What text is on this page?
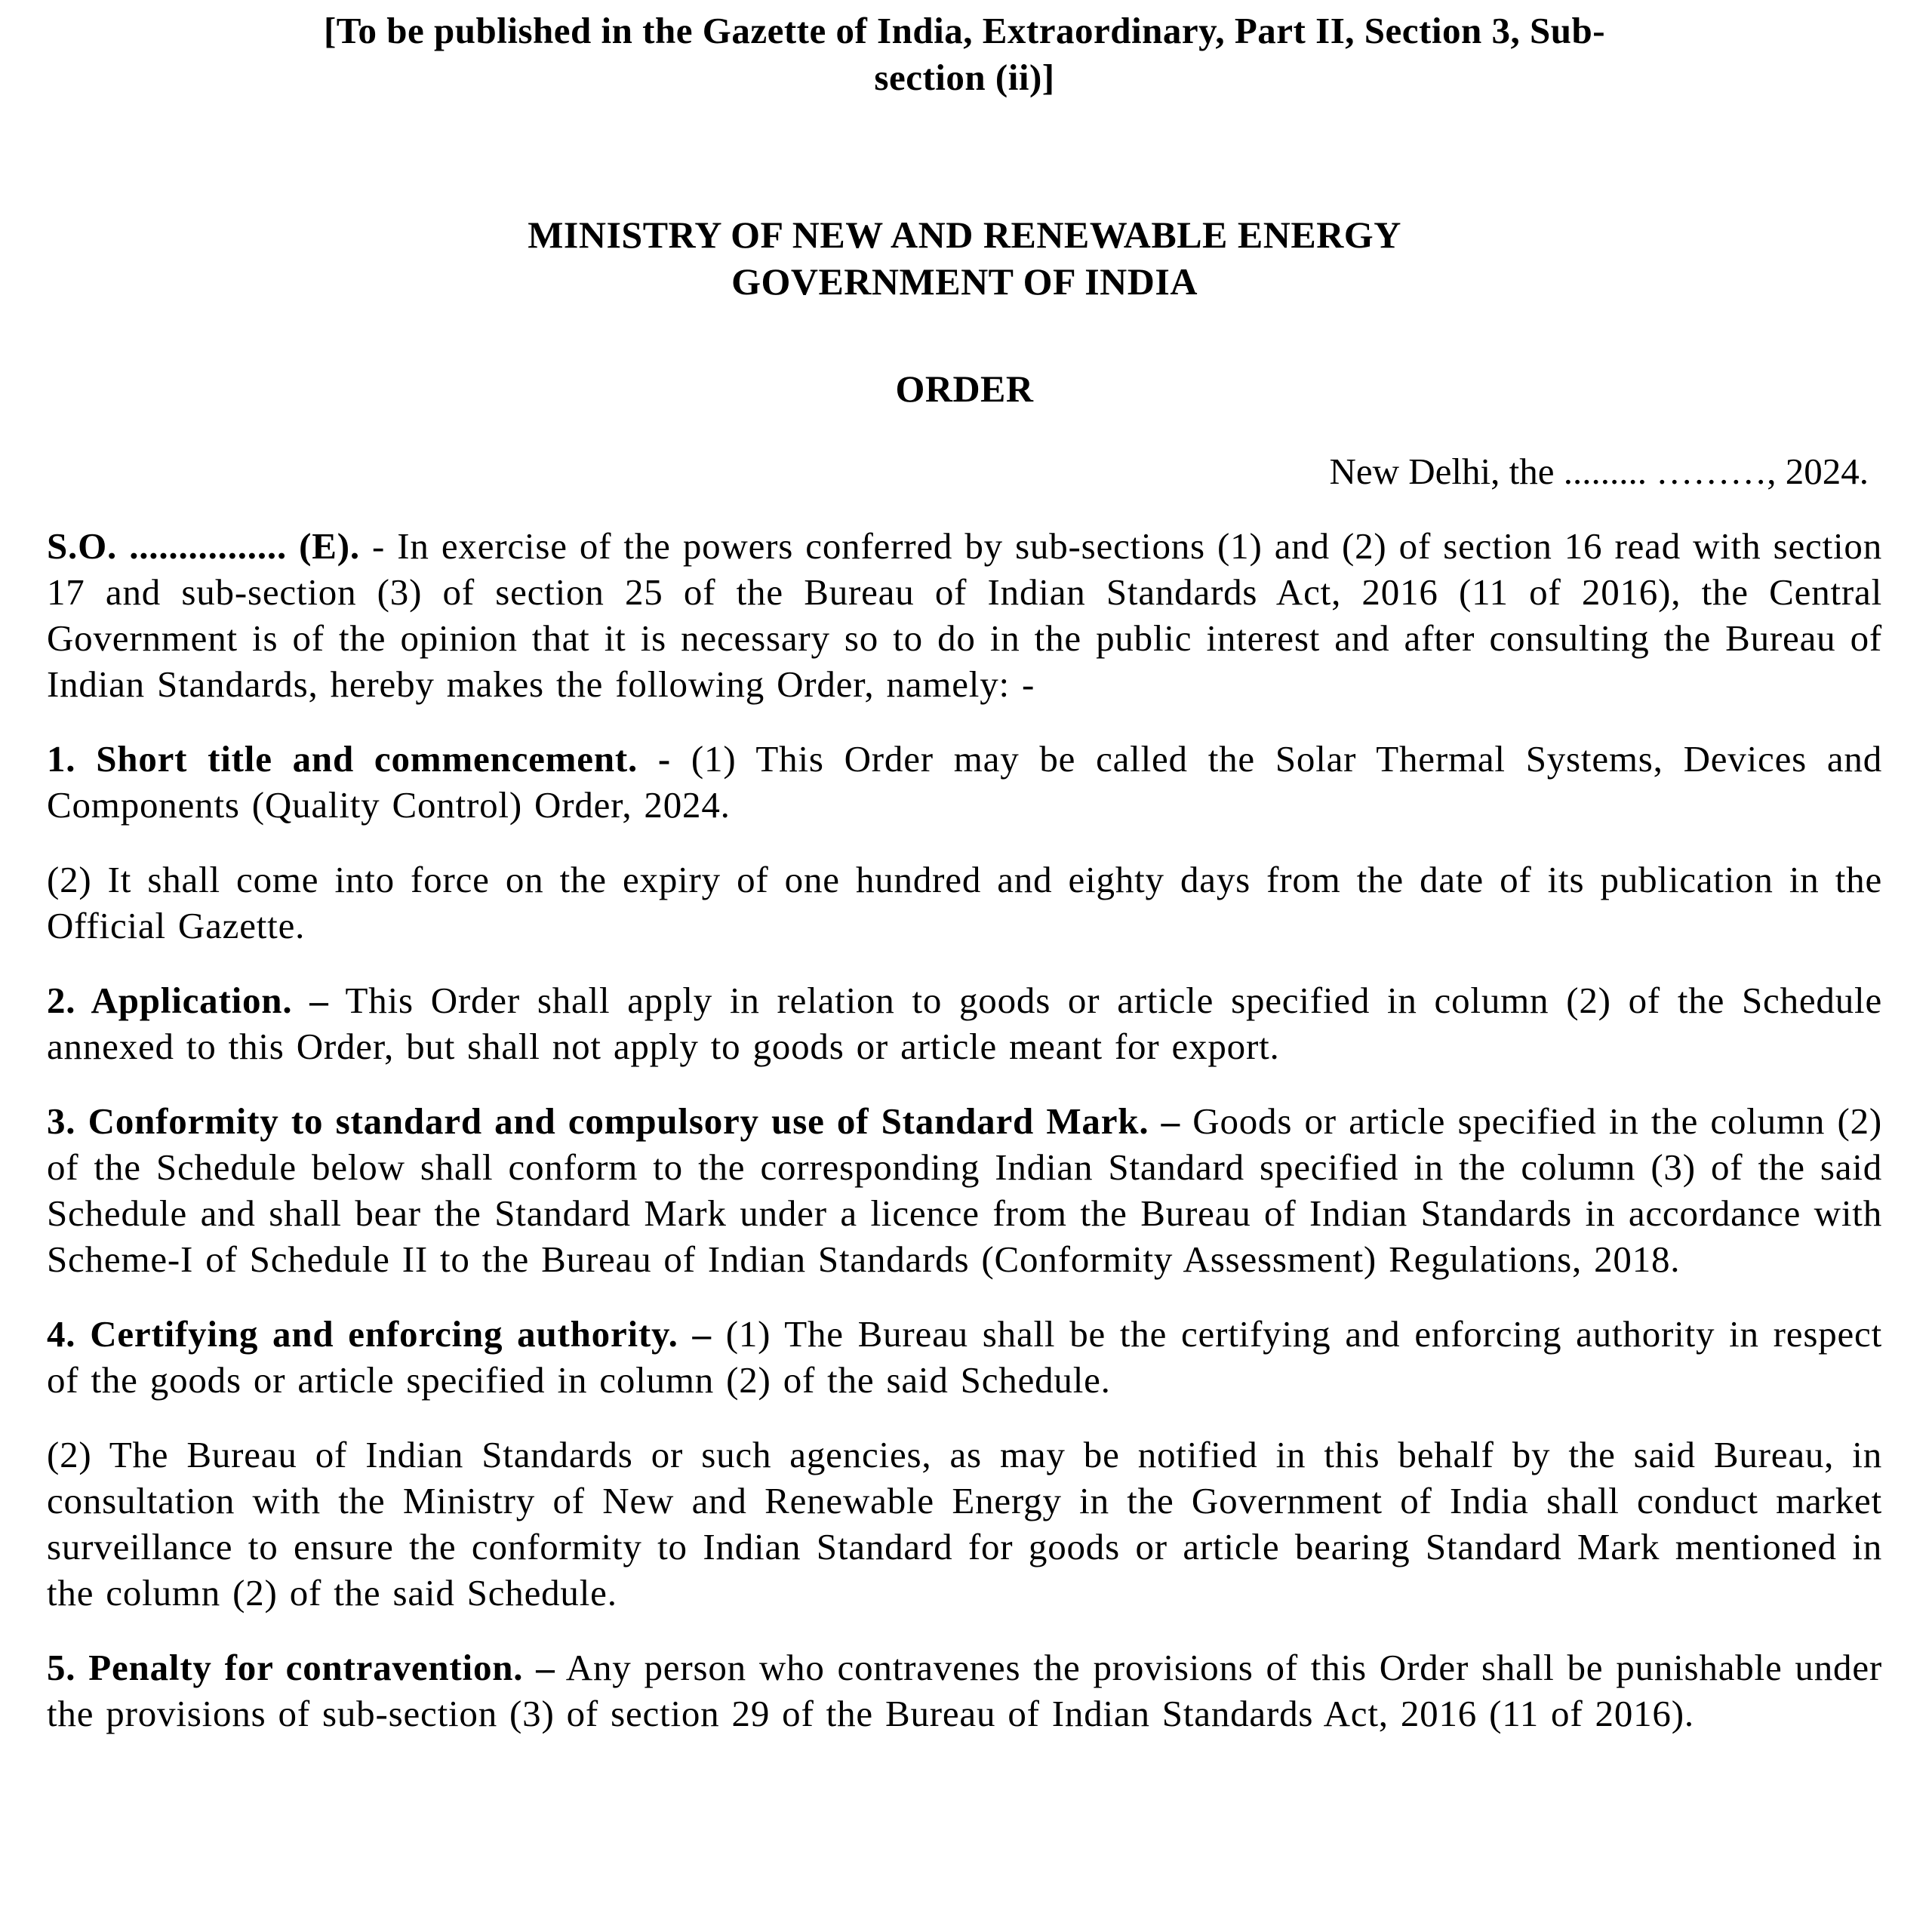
[To be published in the Gazette of India, Extraordinary, Part II, Section 3, Sub-
section (ii)]
MINISTRY OF NEW AND RENEWABLE ENERGY
GOVERNMENT OF INDIA
ORDER
New Delhi, the ......... ………, 2024.

S.O. ................ (E). - In exercise of the powers conferred by sub-sections (1) and (2) of section 16 read with section 17 and sub-section (3) of section 25 of the Bureau of Indian Standards Act, 2016 (11 of 2016), the Central Government is of the opinion that it is necessary so to do in the public interest and after consulting the Bureau of Indian Standards, hereby makes the following Order, namely: -

1. Short title and commencement. - (1) This Order may be called the Solar Thermal Systems, Devices and Components (Quality Control) Order, 2024.

(2) It shall come into force on the expiry of one hundred and eighty days from the date of its publication in the Official Gazette.

2. Application. – This Order shall apply in relation to goods or article specified in column (2) of the Schedule annexed to this Order, but shall not apply to goods or article meant for export.

3. Conformity to standard and compulsory use of Standard Mark. – Goods or article specified in the column (2) of the Schedule below shall conform to the corresponding Indian Standard specified in the column (3) of the said Schedule and shall bear the Standard Mark under a licence from the Bureau of Indian Standards in accordance with Scheme-I of Schedule II to the Bureau of Indian Standards (Conformity Assessment) Regulations, 2018.

4. Certifying and enforcing authority. – (1) The Bureau shall be the certifying and enforcing authority in respect of the goods or article specified in column (2) of the said Schedule.

(2) The Bureau of Indian Standards or such agencies, as may be notified in this behalf by the said Bureau, in consultation with the Ministry of New and Renewable Energy in the Government of India shall conduct market surveillance to ensure the conformity to Indian Standard for goods or article bearing Standard Mark mentioned in the column (2) of the said Schedule.

5. Penalty for contravention. – Any person who contravenes the provisions of this Order shall be punishable under the provisions of sub-section (3) of section 29 of the Bureau of Indian Standards Act, 2016 (11 of 2016).
